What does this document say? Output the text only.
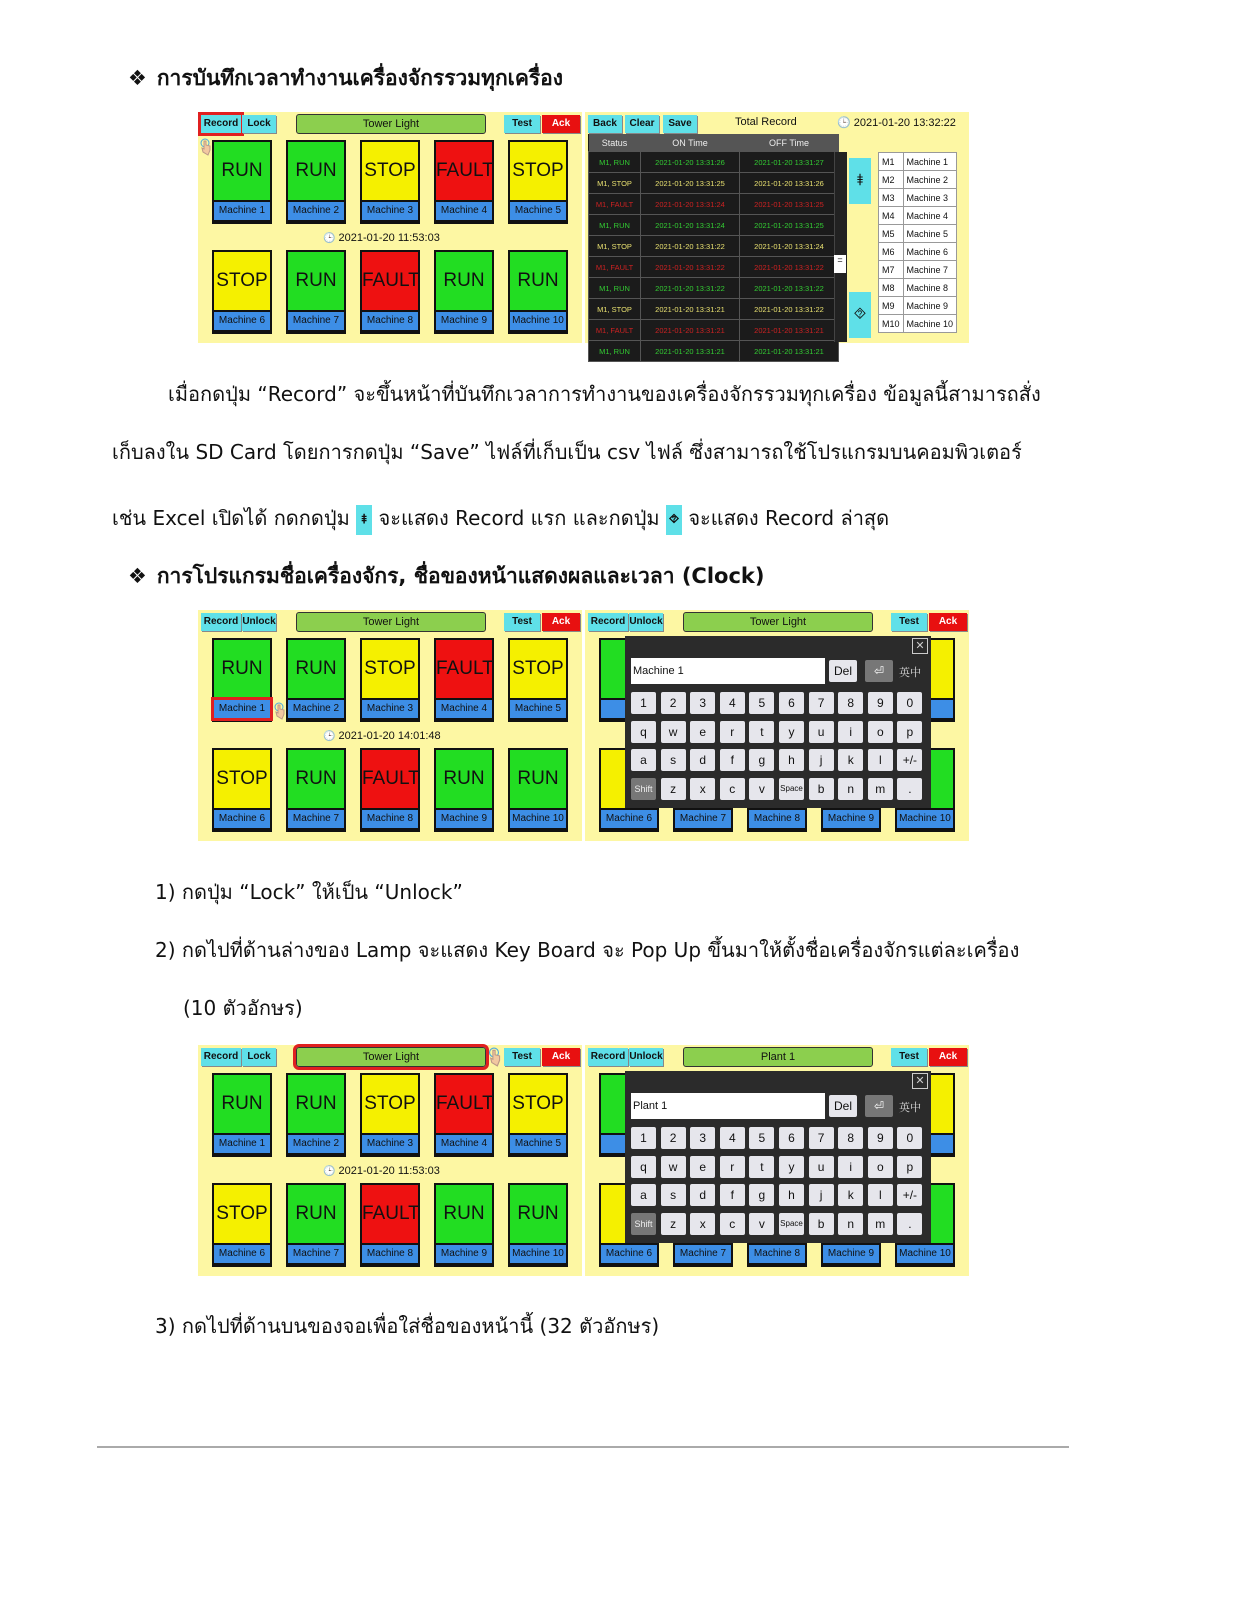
❖ การบันทึกเวลาทำงานเครื่องจักรรวมทุกเครื่อง
Record Lock	Tower Light	Test	Ack
RUN
Machine 1
RUN
Machine 2
STOP
Machine 3
FAULT
Machine 4
STOP
Machine 5
STOP
Machine 6
RUN
Machine 7
FAULT
Machine 8
RUN
Machine 9
RUN
Machine 10
🕒 2021-01-20 11:53:03
Back	Clear	Save	Total Record	🕒 2021-01-20 13:32:22
Status	ON Time	OFF Time
M1, RUN	2021-01-20 13:31:26	2021-01-20 13:31:27
M1, STOP	2021-01-20 13:31:25	2021-01-20 13:31:26
M1, FAULT	2021-01-20 13:31:24	2021-01-20 13:31:25
M1, RUN	2021-01-20 13:31:24	2021-01-20 13:31:25
M1, STOP	2021-01-20 13:31:22	2021-01-20 13:31:24
M1, FAULT	2021-01-20 13:31:22	2021-01-20 13:31:22
M1, RUN	2021-01-20 13:31:22	2021-01-20 13:31:22
M1, STOP	2021-01-20 13:31:21	2021-01-20 13:31:22
M1, FAULT	2021-01-20 13:31:21	2021-01-20 13:31:21
M1, RUN	2021-01-20 13:31:21	2021-01-20 13:31:21
=
⯒
⯑
M1	Machine 1
M2	Machine 2
M3	Machine 3
M4	Machine 4
M5	Machine 5
M6	Machine 6
M7	Machine 7
M8	Machine 8
M9	Machine 9
M10	Machine 10
เมื่อกดปุ่ม “Record” จะขึ้นหน้าที่บันทึกเวลาการทำงานของเครื่องจักรรวมทุกเครื่อง ข้อมูลนี้สามารถสั่ง
เก็บลงใน SD Card โดยการกดปุ่ม “Save” ไฟล์ที่เก็บเป็น csv ไฟล์ ซึ่งสามารถใช้โปรแกรมบนคอมพิวเตอร์
เช่น Excel เปิดได้ กดกดปุ่ม ⯒ จะแสดง Record แรก และกดปุ่ม ⯑ จะแสดง Record ล่าสุด
❖ การโปรแกรมชื่อเครื่องจักร, ชื่อของหน้าแสดงผลและเวลา (Clock)
Record Unlock	Tower Light	Test	Ack
RUN
Machine 1
RUN
Machine 2
STOP
Machine 3
FAULT
Machine 4
STOP
Machine 5
STOP
Machine 6
RUN
Machine 7
FAULT
Machine 8
RUN
Machine 9
RUN
Machine 10
🕒 2021-01-20 14:01:48
Record Unlock	Tower Light	Test	Ack
Machine 6	Machine 7	Machine 8	Machine 9	Machine 10
✕
Machine 1	Del	⏎	英中
1	2	3	4	5	6	7	8	9	0
q	w	e	r	t	y	u	i	o	p
a	s	d	f	g	h	j	k	l	+/-
Shift	z	x	c	v	Space	b	n	m	.
1) กดปุ่ม “Lock” ให้เป็น “Unlock”
2) กดไปที่ด้านล่างของ Lamp จะแสดง Key Board จะ Pop Up ขึ้นมาให้ตั้งชื่อเครื่องจักรแต่ละเครื่อง
(10 ตัวอักษร)
Record Lock	Tower Light	Test	Ack
RUN
Machine 1
RUN
Machine 2
STOP
Machine 3
FAULT
Machine 4
STOP
Machine 5
STOP
Machine 6
RUN
Machine 7
FAULT
Machine 8
RUN
Machine 9
RUN
Machine 10
🕒 2021-01-20 11:53:03
Record Unlock	Plant 1	Test	Ack
Machine 6	Machine 7	Machine 8	Machine 9	Machine 10
✕
Plant 1	Del	⏎	英中
1	2	3	4	5	6	7	8	9	0
q	w	e	r	t	y	u	i	o	p
a	s	d	f	g	h	j	k	l	+/-
Shift	z	x	c	v	Space	b	n	m	.
3) กดไปที่ด้านบนของจอเพื่อใส่ชื่อของหน้านี้ (32 ตัวอักษร)
